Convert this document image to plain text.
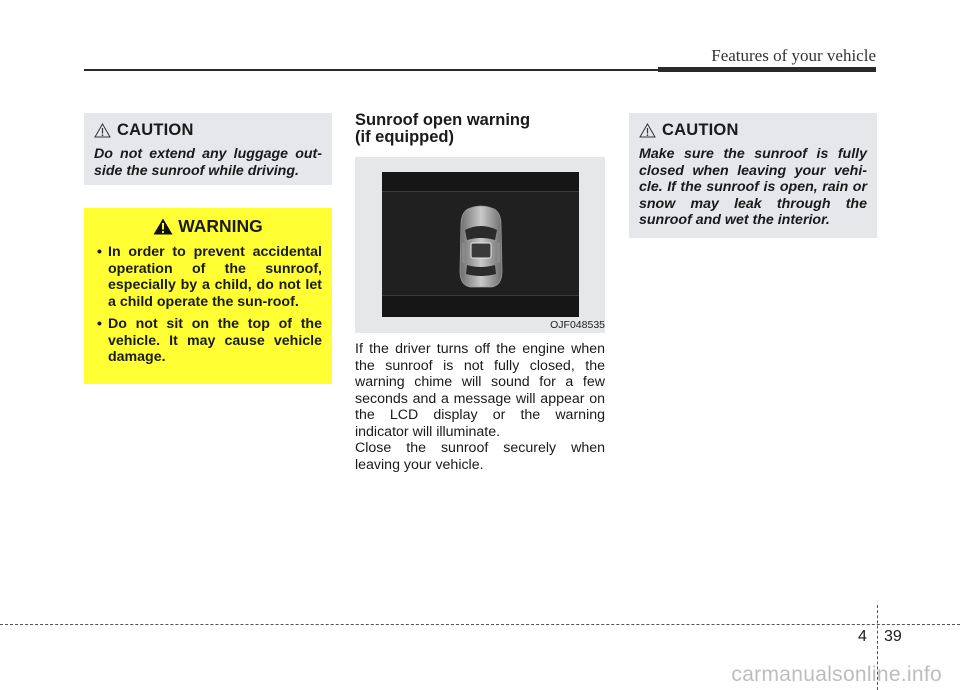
Features of your vehicle
CAUTION
Do not extend any luggage out-side the sunroof while driving.
WARNING
• In order to prevent accidental operation of the sunroof, especially by a child, do not let a child operate the sun-roof.
• Do not sit on the top of the vehicle. It may cause vehicle damage.
Sunroof open warning
(if equipped)
OJF048535
If the driver turns off the engine when the sunroof is not fully closed, the warning chime will sound for a few seconds and a message will appear on the LCD display or the warning indicator will illuminate.
Close the sunroof securely when leaving your vehicle.
CAUTION
Make sure the sunroof is fully closed when leaving your vehi-cle. If the sunroof is open, rain or snow may leak through the sunroof and wet the interior.
4 39
carmanualsonline.info
